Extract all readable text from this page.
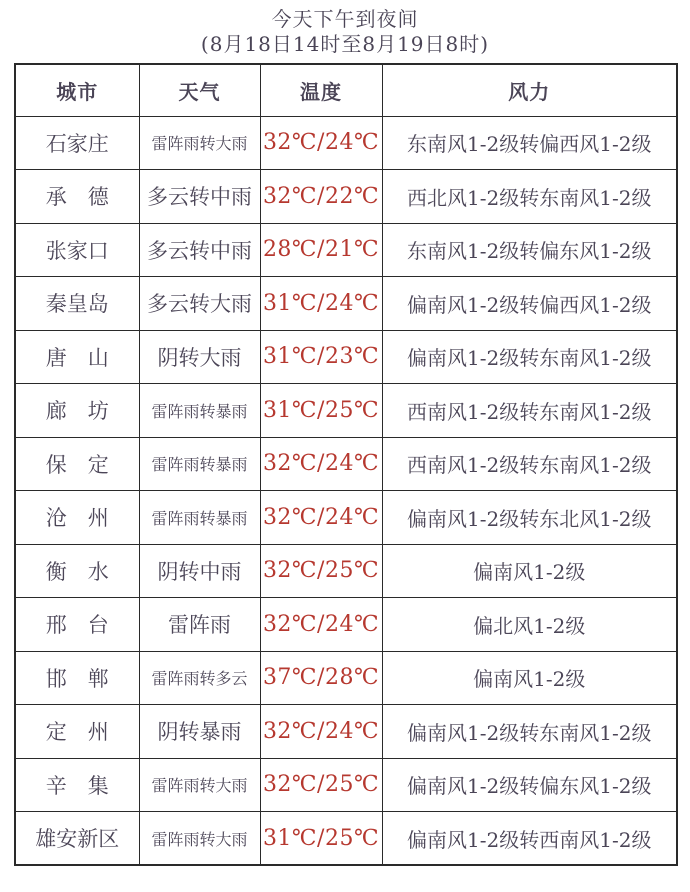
今天下午到夜间
(8月18日14时至8月19日8时)
城市	天气	温度	风力
石家庄	雷阵雨转大雨	32℃/24℃	东南风1-2级转偏西风1-2级
承　德	多云转中雨	32℃/22℃	西北风1-2级转东南风1-2级
张家口	多云转中雨	28℃/21℃	东南风1-2级转偏东风1-2级
秦皇岛	多云转大雨	31℃/24℃	偏南风1-2级转偏西风1-2级
唐　山	阴转大雨	31℃/23℃	偏南风1-2级转东南风1-2级
廊　坊	雷阵雨转暴雨	31℃/25℃	西南风1-2级转东南风1-2级
保　定	雷阵雨转暴雨	32℃/24℃	西南风1-2级转东南风1-2级
沧　州	雷阵雨转暴雨	32℃/24℃	偏南风1-2级转东北风1-2级
衡　水	阴转中雨	32℃/25℃	偏南风1-2级
邢　台	雷阵雨	32℃/24℃	偏北风1-2级
邯　郸	雷阵雨转多云	37℃/28℃	偏南风1-2级
定　州	阴转暴雨	32℃/24℃	偏南风1-2级转东南风1-2级
辛　集	雷阵雨转大雨	32℃/25℃	偏南风1-2级转偏东风1-2级
雄安新区	雷阵雨转大雨	31℃/25℃	偏南风1-2级转西南风1-2级
